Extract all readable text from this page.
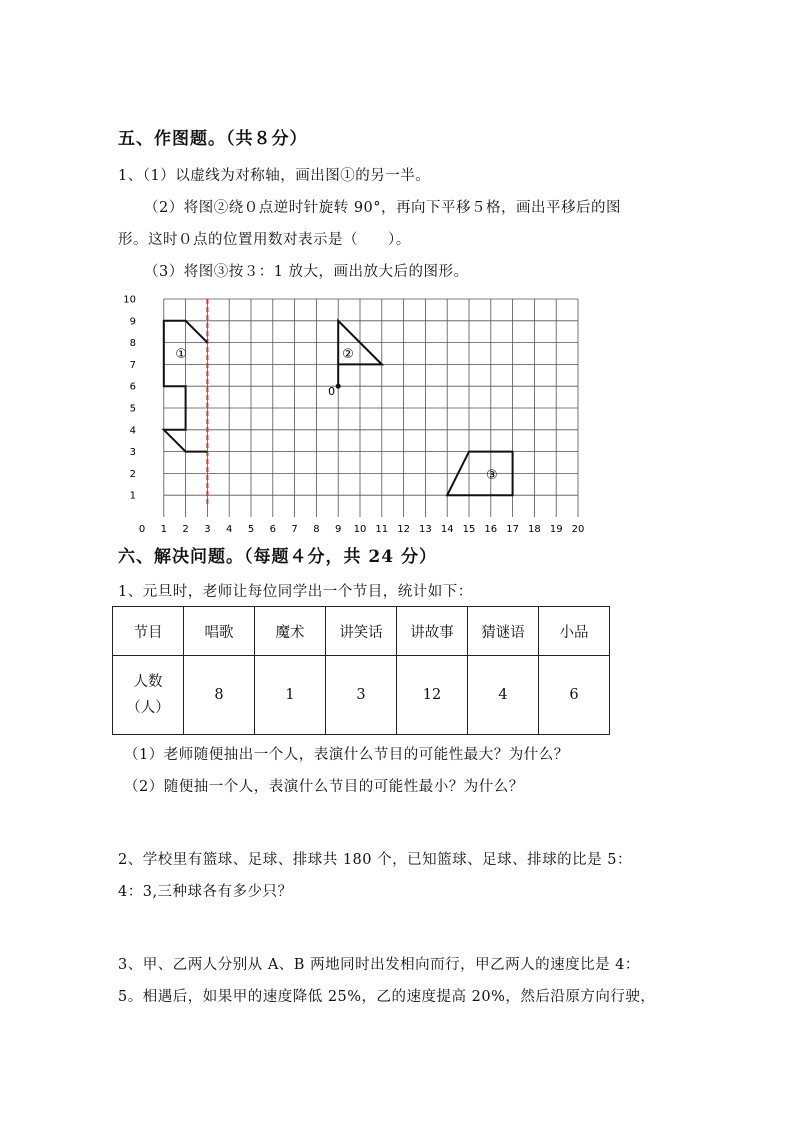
五、作图题。（共８分）
1、（1）以虚线为对称轴，画出图①的另一半。
（2）将图②绕０点逆时针旋转 90°，再向下平移５格，画出平移后的图
形。这时０点的位置用数对表示是（　　）。
（3）将图③按３：1 放大，画出放大后的图形。
0 1 2 3 4 5 6 7 8 9 10 11 12 13 14 15 16 17 18 19 20
1
2
3
4
5
6
7
8
9
10
①	②
③
0
六、解决问题。（每题４分，共 24 分）
1、元旦时，老师让每位同学出一个节目，统计如下：
节目	唱歌	魔术	讲笑话	讲故事	猜谜语	小品

人数
（人）	8	1	3	12	4	6
（1）老师随便抽出一个人，表演什么节目的可能性最大？为什么？
（2）随便抽一个人，表演什么节目的可能性最小？为什么？
2、学校里有篮球、足球、排球共 180 个，已知篮球、足球、排球的比是 5：
4：3,三种球各有多少只？
3、甲、乙两人分别从 A、B 两地同时出发相向而行，甲乙两人的速度比是 4：
5。相遇后，如果甲的速度降低 25%，乙的速度提高 20%，然后沿原方向行驶，
